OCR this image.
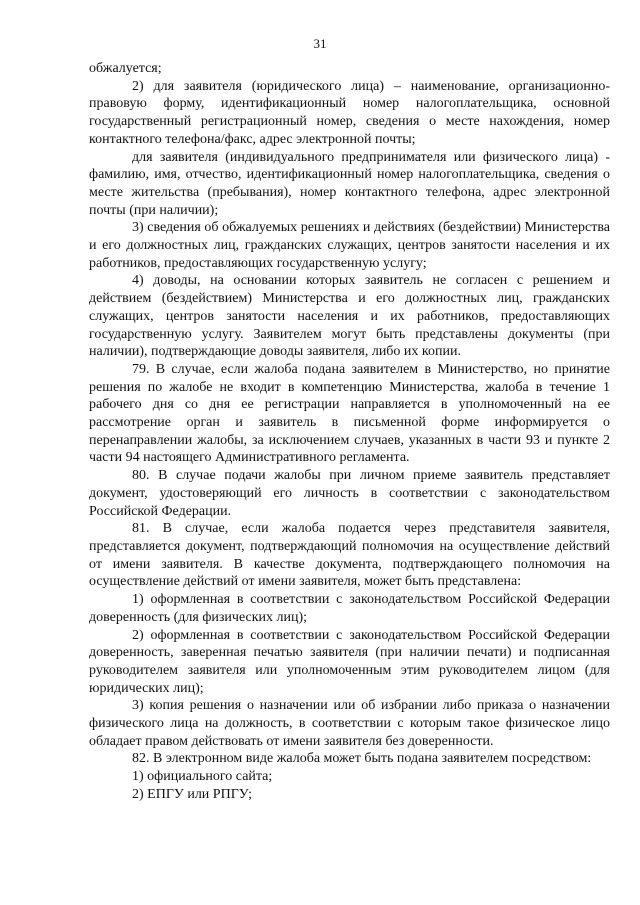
31

обжалуется;

2) для заявителя (юридического лица) – наименование, организационно-правовую форму, идентификационный номер налогоплательщика, основной государственный регистрационный номер, сведения о месте нахождения, номер контактного телефона/факс, адрес электронной почты;

для заявителя (индивидуального предпринимателя или физического лица) - фамилию, имя, отчество, идентификационный номер налогоплательщика, сведения о месте жительства (пребывания), номер контактного телефона, адрес электронной почты (при наличии);

3) сведения об обжалуемых решениях и действиях (бездействии) Министерства и его должностных лиц, гражданских служащих, центров занятости населения и их работников, предоставляющих государственную услугу;

4) доводы, на основании которых заявитель не согласен с решением и действием (бездействием) Министерства и его должностных лиц, гражданских служащих, центров занятости населения и их работников, предоставляющих государственную услугу. Заявителем могут быть представлены документы (при наличии), подтверждающие доводы заявителя, либо их копии.

79. В случае, если жалоба подана заявителем в Министерство, но принятие решения по жалобе не входит в компетенцию Министерства, жалоба в течение 1 рабочего дня со дня ее регистрации направляется в уполномоченный на ее рассмотрение орган и заявитель в письменной форме информируется о перенаправлении жалобы, за исключением случаев, указанных в части 93 и пункте 2 части 94 настоящего Административного регламента.

80. В случае подачи жалобы при личном приеме заявитель представляет документ, удостоверяющий его личность в соответствии с законодательством Российской Федерации.

81. В случае, если жалоба подается через представителя заявителя, представляется документ, подтверждающий полномочия на осуществление действий от имени заявителя. В качестве документа, подтверждающего полномочия на осуществление действий от имени заявителя, может быть представлена:

1) оформленная в соответствии с законодательством Российской Федерации доверенность (для физических лиц);

2) оформленная в соответствии с законодательством Российской Федерации доверенность, заверенная печатью заявителя (при наличии печати) и подписанная руководителем заявителя или уполномоченным этим руководителем лицом (для юридических лиц);

3) копия решения о назначении или об избрании либо приказа о назначении физического лица на должность, в соответствии с которым такое физическое лицо обладает правом действовать от имени заявителя без доверенности.

82. В электронном виде жалоба может быть подана заявителем посредством:

1) официального сайта;

2) ЕПГУ или РПГУ;
